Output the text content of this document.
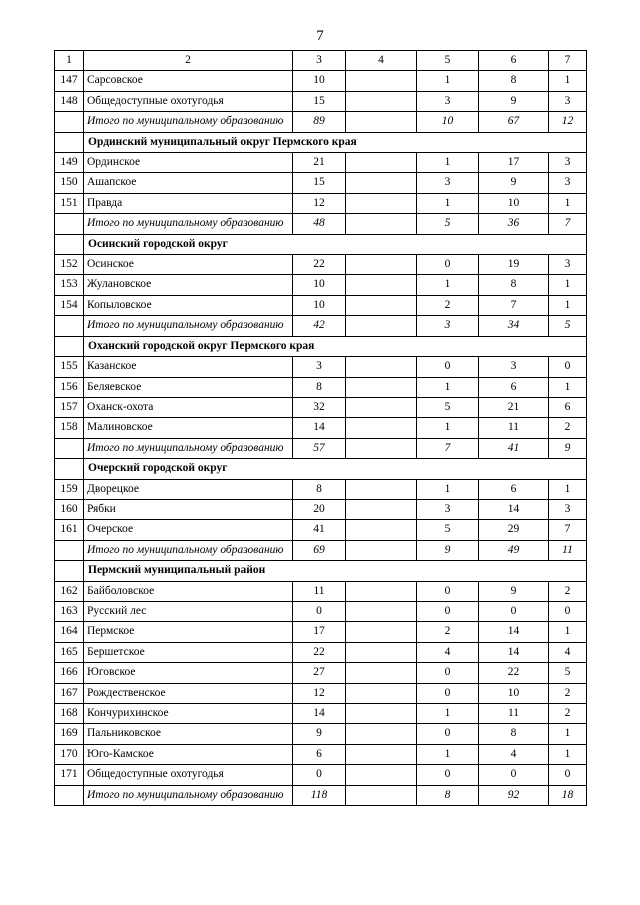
7
1	2	3	4	5	6	7
147	Сарсовское	10		1	8	1
148	Общедоступные охотугодья	15		3	9	3
	Итого по муниципальному образованию	89		10	67	12
	Ординский муниципальный округ Пермского края					
149	Ординское	21		1	17	3
150	Ашапское	15		3	9	3
151	Правда	12		1	10	1
	Итого по муниципальному образованию	48		5	36	7
	Осинский городской округ					
152	Осинское	22		0	19	3
153	Жулановское	10		1	8	1
154	Копыловское	10		2	7	1
	Итого по муниципальному образованию	42		3	34	5
	Оханский городской округ Пермского края					
155	Казанское	3		0	3	0
156	Беляевское	8		1	6	1
157	Оханск-охота	32		5	21	6
158	Малиновское	14		1	11	2
	Итого по муниципальному образованию	57		7	41	9
	Очерский городской округ					
159	Дворецкое	8		1	6	1
160	Рябки	20		3	14	3
161	Очерское	41		5	29	7
	Итого по муниципальному образованию	69		9	49	11
	Пермский муниципальный район					
162	Байболовское	11		0	9	2
163	Русский лес	0		0	0	0
164	Пермское	17		2	14	1
165	Бершетское	22		4	14	4
166	Юговское	27		0	22	5
167	Рождественское	12		0	10	2
168	Кончурихинское	14		1	11	2
169	Пальниковское	9		0	8	1
170	Юго-Камское	6		1	4	1
171	Общедоступные охотугодья	0		0	0	0
	Итого по муниципальному образованию	118		8	92	18
